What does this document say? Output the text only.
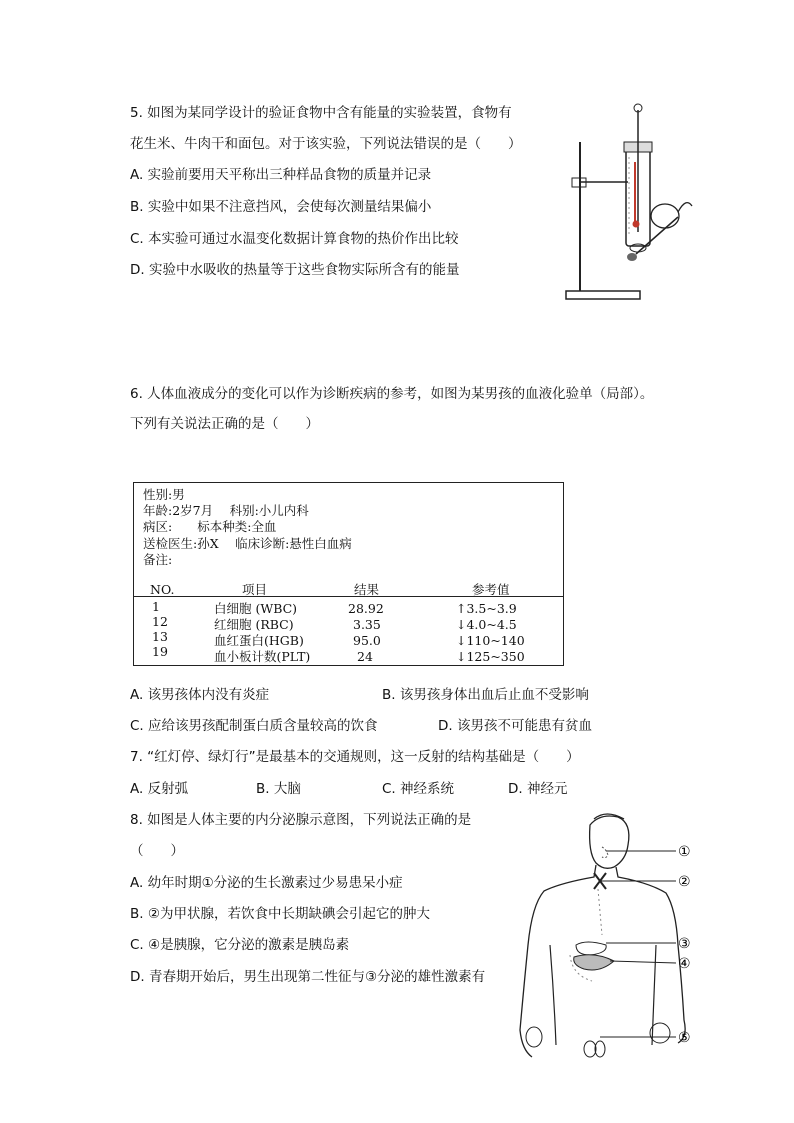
5. 如图为某同学设计的验证食物中含有能量的实验装置，食物有
花生米、牛肉干和面包。对于该实验，下列说法错误的是（　　）
A. 实验前要用天平称出三种样品食物的质量并记录
B. 实验中如果不注意挡风，会使每次测量结果偏小
C. 本实验可通过水温变化数据计算食物的热价作出比较
D. 实验中水吸收的热量等于这些食物实际所含有的能量
6. 人体血液成分的变化可以作为诊断疾病的参考，如图为某男孩的血液化验单（局部）。
下列有关说法正确的是（　　）
性别:男
年龄:2岁7月　 科别:小儿内科
病区:　　标本种类:全血
送检医生:孙X　 临床诊断:悬性白血病
备注:
NO.	项目	结果	参考值
1	白细胞 (WBC)	28.92	↑3.5~3.9
12	红细胞 (RBC)	3.35	↓4.0~4.5
13	血红蛋白(HGB)	95.0	↓110~140
19	血小板计数(PLT)	24	↓125~350
A. 该男孩体内没有炎症	B. 该男孩身体出血后止血不受影响
C. 应给该男孩配制蛋白质含量较高的饮食	D. 该男孩不可能患有贫血
7. “红灯停、绿灯行”是最基本的交通规则，这一反射的结构基础是（　　）
A. 反射弧	B. 大脑	C. 神经系统	D. 神经元
8. 如图是人体主要的内分泌腺示意图，下列说法正确的是
（　　）
A. 幼年时期①分泌的生长激素过少易患呆小症
B. ②为甲状腺，若饮食中长期缺碘会引起它的肿大
C. ④是胰腺，它分泌的激素是胰岛素
D. 青春期开始后，男生出现第二性征与③分泌的雄性激素有
①
②
③
④
⑤
